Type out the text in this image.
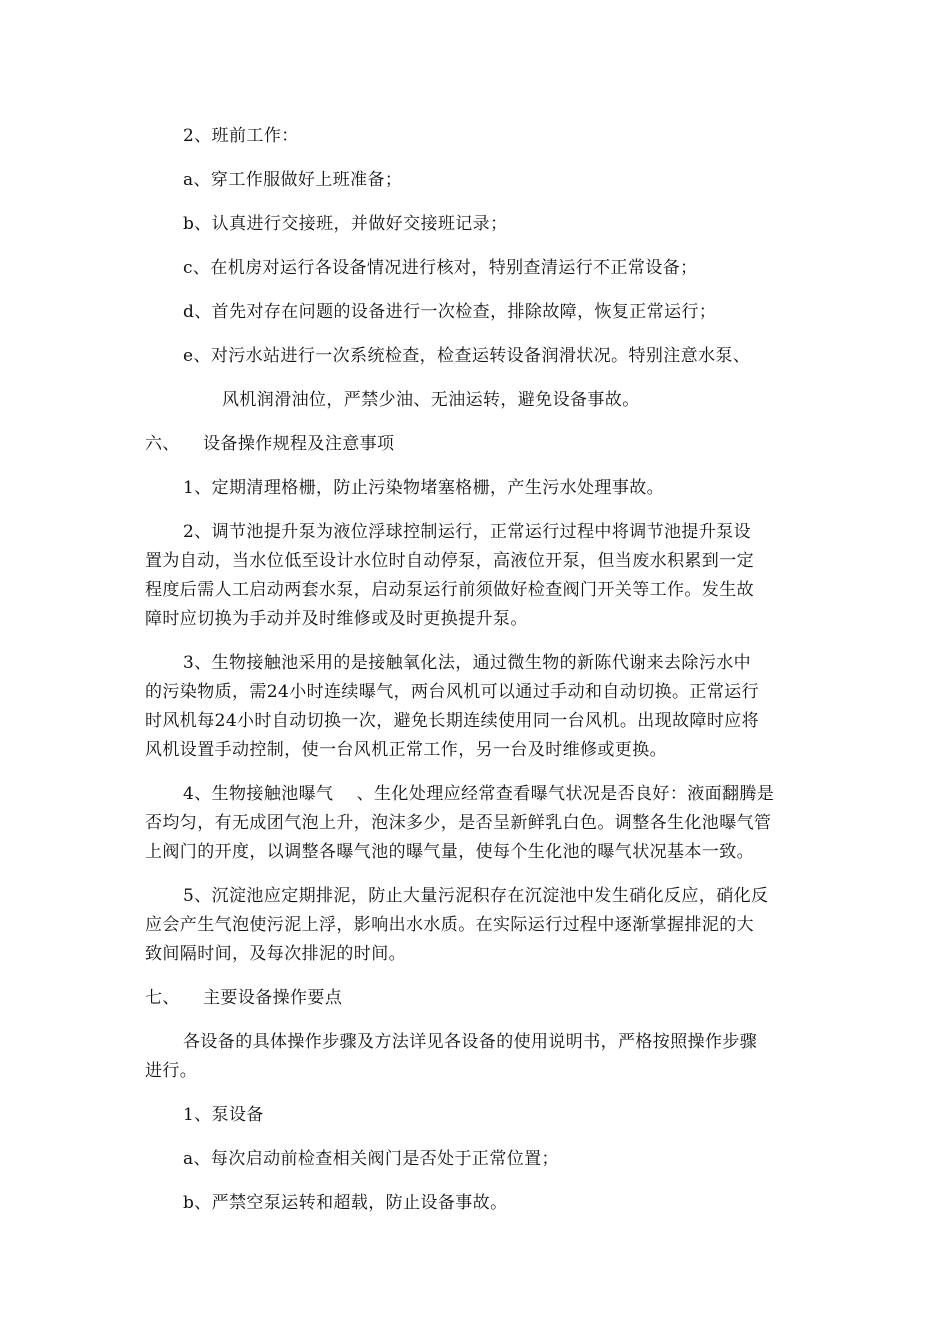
2、班前工作：
a、穿工作服做好上班准备；
b、认真进行交接班，并做好交接班记录；
c、在机房对运行各设备情况进行核对，特别查清运行不正常设备；
d、首先对存在问题的设备进行一次检查，排除故障，恢复正常运行；
e、对污水站进行一次系统检查，检查运转设备润滑状况。特别注意水泵、
风机润滑油位，严禁少油、无油运转，避免设备事故。
六、    设备操作规程及注意事项
1、定期清理格栅，防止污染物堵塞格栅，产生污水处理事故。
2、调节池提升泵为液位浮球控制运行，正常运行过程中将调节池提升泵设
置为自动，当水位低至设计水位时自动停泵，高液位开泵，但当废水积累到一定
程度后需人工启动两套水泵，启动泵运行前须做好检查阀门开关等工作。发生故
障时应切换为手动并及时维修或及时更换提升泵。
3、生物接触池采用的是接触氧化法，通过微生物的新陈代谢来去除污水中
的污染物质，需24小时连续曝气，两台风机可以通过手动和自动切换。正常运行
时风机每24小时自动切换一次，避免长期连续使用同一台风机。出现故障时应将
风机设置手动控制，使一台风机正常工作，另一台及时维修或更换。
4、生物接触池曝气    、生化处理应经常查看曝气状况是否良好：液面翻腾是
否均匀，有无成团气泡上升，泡沫多少，是否呈新鲜乳白色。调整各生化池曝气管
上阀门的开度，以调整各曝气池的曝气量，使每个生化池的曝气状况基本一致。
5、沉淀池应定期排泥，防止大量污泥积存在沉淀池中发生硝化反应，硝化反
应会产生气泡使污泥上浮，影响出水水质。在实际运行过程中逐渐掌握排泥的大
致间隔时间，及每次排泥的时间。
七、    主要设备操作要点
各设备的具体操作步骤及方法详见各设备的使用说明书，严格按照操作步骤
进行。
1、泵设备
a、每次启动前检查相关阀门是否处于正常位置；
b、严禁空泵运转和超载，防止设备事故。
